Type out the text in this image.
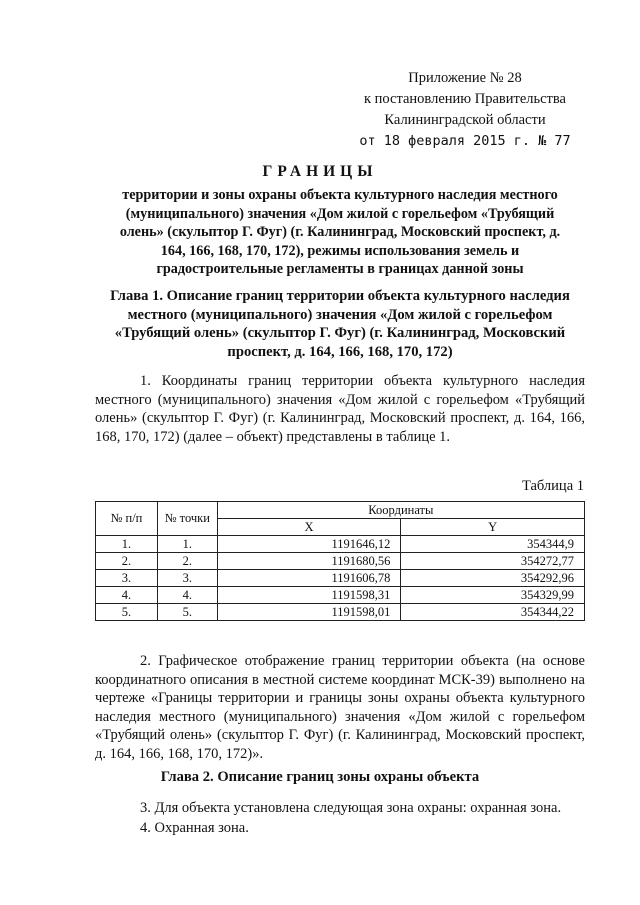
Приложение № 28
к постановлению Правительства
Калининградской области
от 18 февраля 2015 г. № 77
ГРАНИЦЫ
территории и зоны охраны объекта культурного наследия местного (муниципального) значения «Дом жилой с горельефом «Трубящий олень» (скульптор Г. Фуг) (г. Калининград, Московский проспект, д. 164, 166, 168, 170, 172), режимы использования земель и градостроительные регламенты в границах данной зоны
Глава 1. Описание границ территории объекта культурного наследия местного (муниципального) значения «Дом жилой с горельефом «Трубящий олень» (скульптор Г. Фуг) (г. Калининград, Московский проспект, д. 164, 166, 168, 170, 172)
1. Координаты границ территории объекта культурного наследия местного (муниципального) значения «Дом жилой с горельефом «Трубящий олень» (скульптор Г. Фуг) (г. Калининград, Московский проспект, д. 164, 166, 168, 170, 172) (далее – объект) представлены в таблице 1.
Таблица 1
№ п/п	№ точки	Координаты	
		X	Y
1.	1.	1191646,12	354344,9
2.	2.	1191680,56	354272,77
3.	3.	1191606,78	354292,96
4.	4.	1191598,31	354329,99
5.	5.	1191598,01	354344,22
2. Графическое отображение границ территории объекта (на основе координатного описания в местной системе координат МСК-39) выполнено на чертеже «Границы территории и границы зоны охраны объекта культурного наследия местного (муниципального) значения «Дом жилой с горельефом «Трубящий олень» (скульптор Г. Фуг) (г. Калининград, Московский проспект, д. 164, 166, 168, 170, 172)».
Глава 2. Описание границ зоны охраны объекта
3. Для объекта установлена следующая зона охраны: охранная зона.
4. Охранная зона.
